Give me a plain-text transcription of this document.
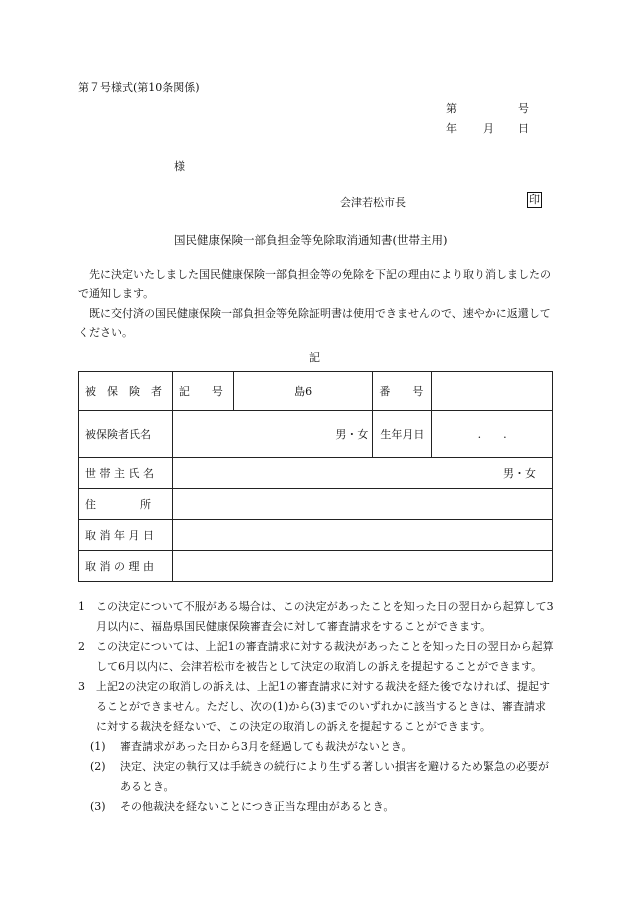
第７号様式(第10条関係)
第	号
年 月 日
様
会津若松市長	印
国民健康保険一部負担金等免除取消通知書(世帯主用)
先に決定いたしました国民健康保険一部負担金等の免除を下記の理由により取り消しましたので通知します。
既に交付済の国民健康保険一部負担金等免除証明書は使用できませんので、速やかに返還してください。
記
被　保　険　者	記　　号	島6	番　　号	
被保険者氏名	男・女		生年月日	.　　.
世 帯 主 氏 名	男・女			
住　　　　所				
取 消 年 月 日				
取 消 の 理 由				
1	この決定について不服がある場合は、この決定があったことを知った日の翌日から起算して3月以内に、福島県国民健康保険審査会に対して審査請求をすることができます。
2	この決定については、上記1の審査請求に対する裁決があったことを知った日の翌日から起算して6月以内に、会津若松市を被告として決定の取消しの訴えを提起することができます。
3	上記2の決定の取消しの訴えは、上記1の審査請求に対する裁決を経た後でなければ、提起することができません。ただし、次の(1)から(3)までのいずれかに該当するときは、審査請求に対する裁決を経ないで、この決定の取消しの訴えを提起することができます。
(1)	審査請求があった日から3月を経過しても裁決がないとき。
(2)	決定、決定の執行又は手続きの続行により生ずる著しい損害を避けるため緊急の必要があるとき。
(3)	その他裁決を経ないことにつき正当な理由があるとき。
